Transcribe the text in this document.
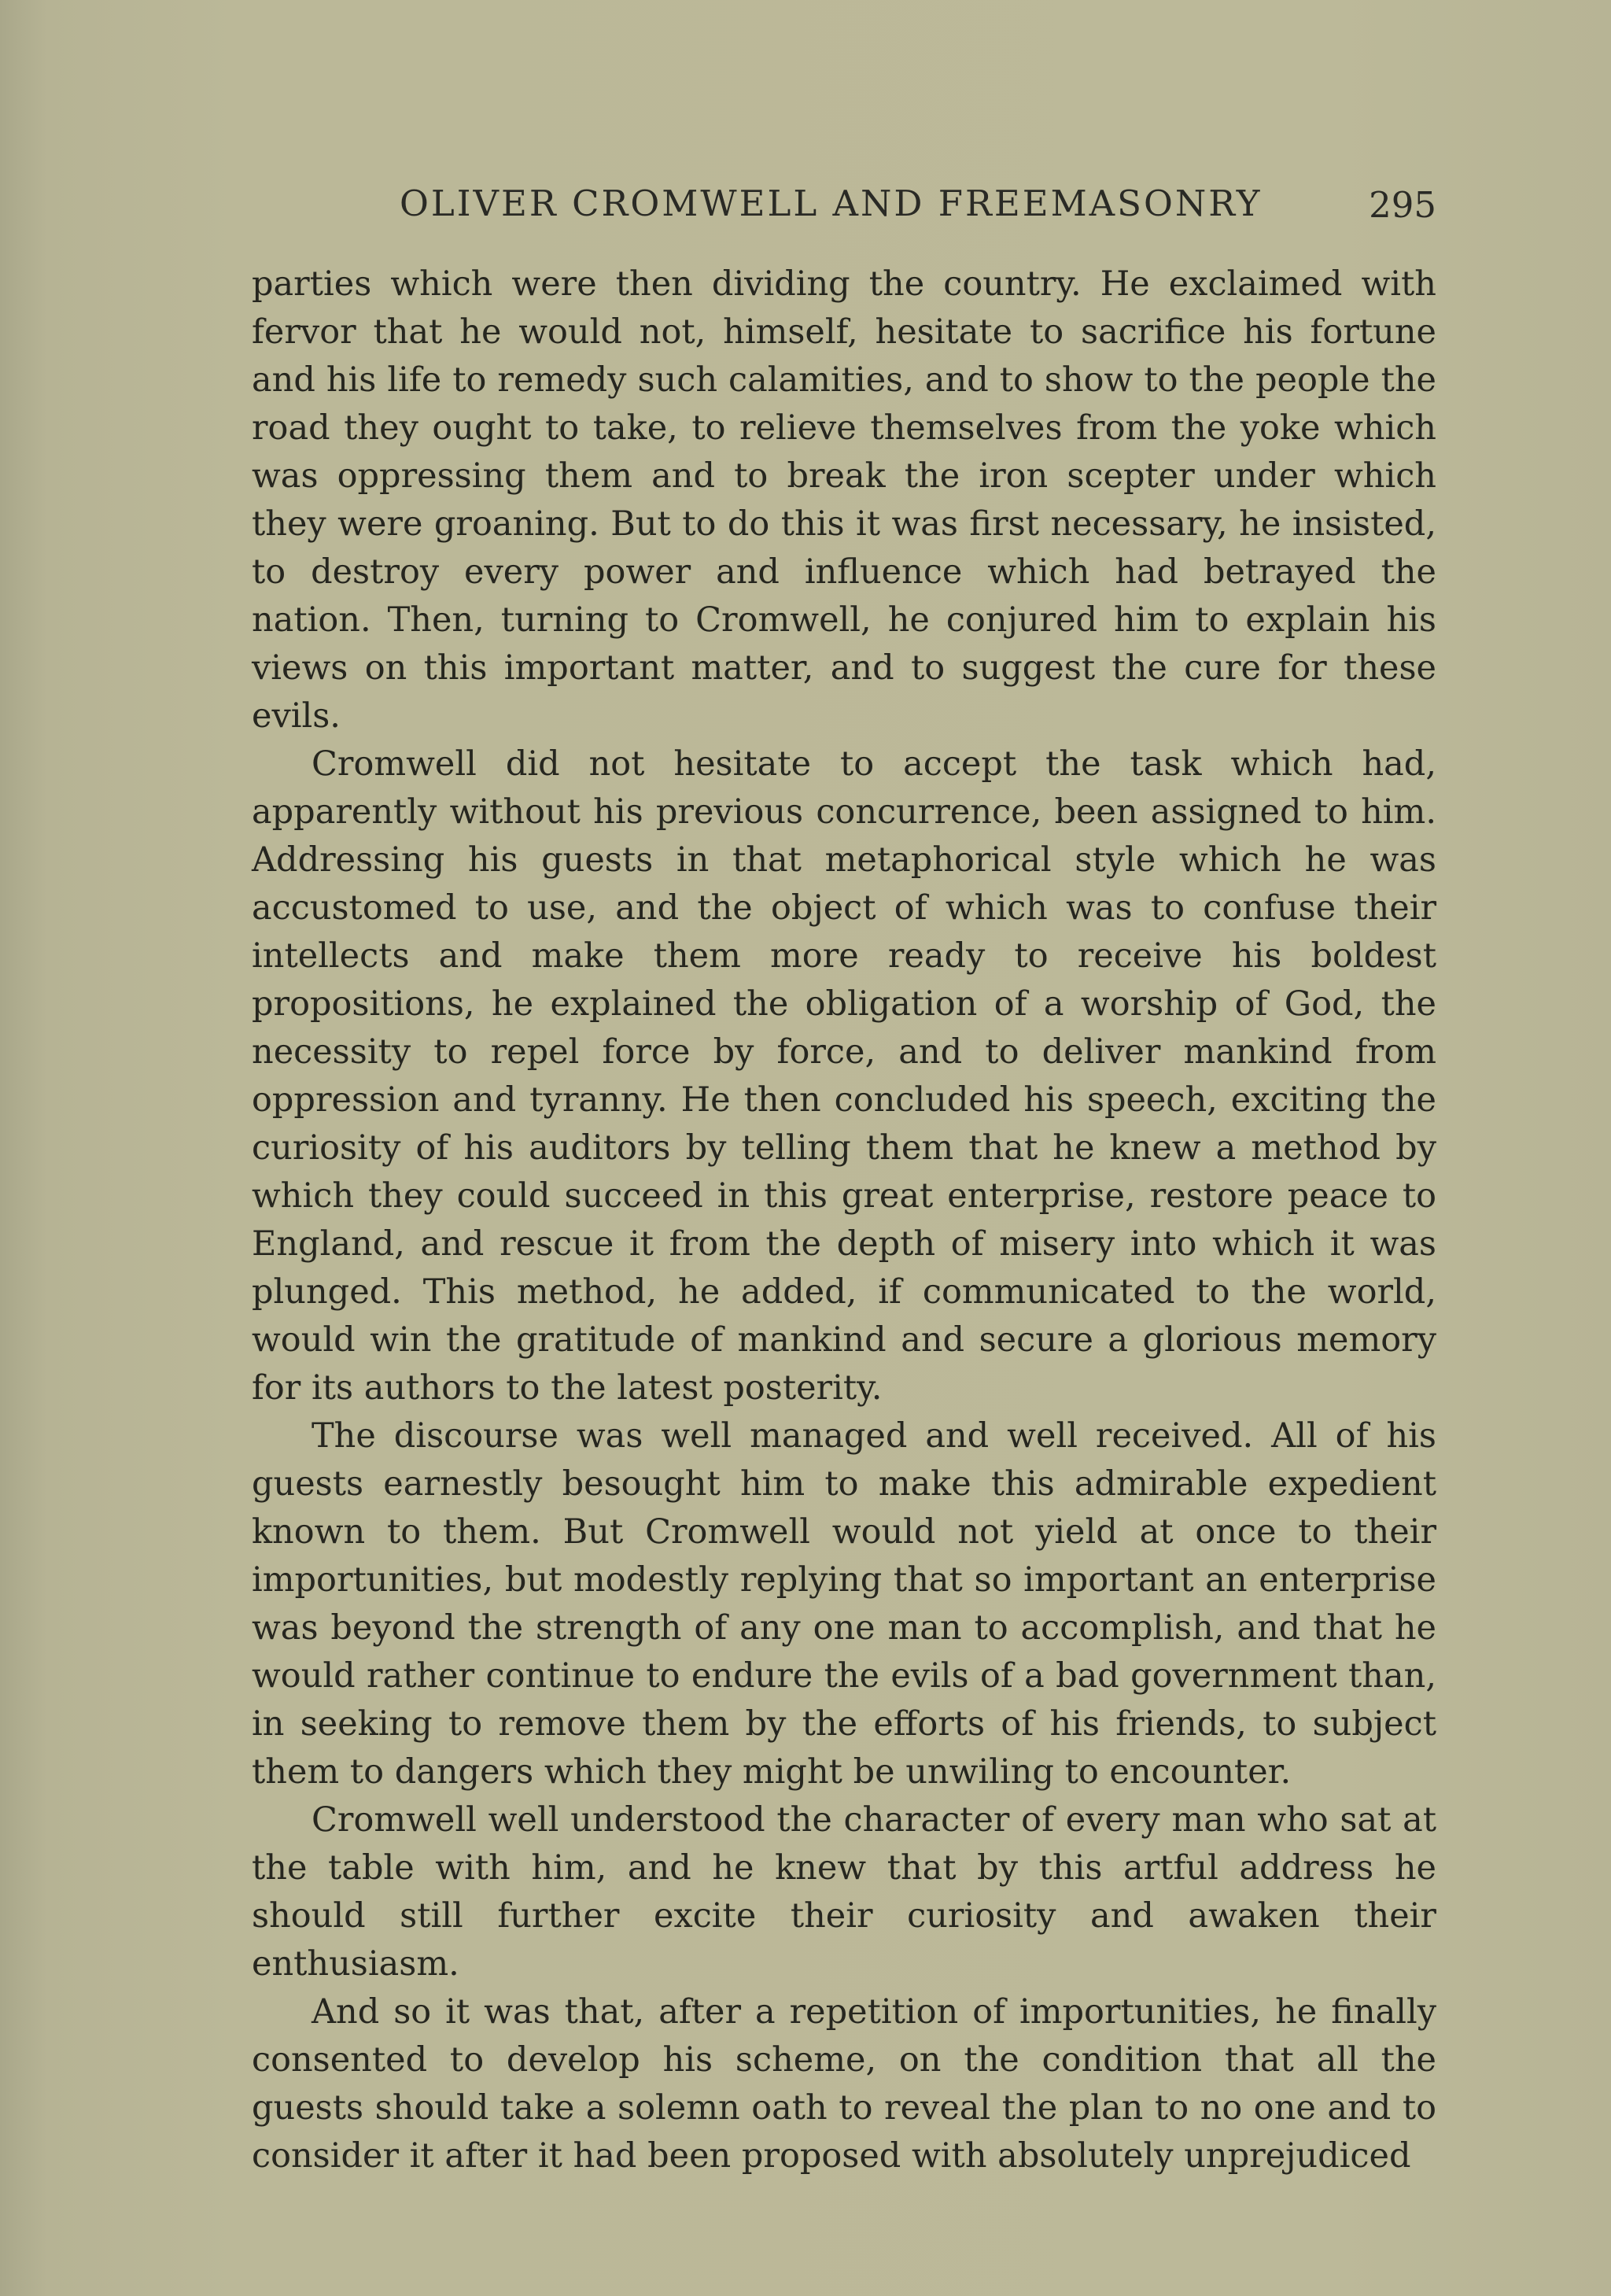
OLIVER CROMWELL AND FREEMASONRY	295

parties which were then dividing the country. He exclaimed with fervor that he would not, himself, hesitate to sacrifice his fortune and his life to remedy such calamities, and to show to the people the road they ought to take, to relieve themselves from the yoke which was oppressing them and to break the iron scepter under which they were groaning. But to do this it was first necessary, he insisted, to destroy every power and influence which had betrayed the nation. Then, turning to Cromwell, he conjured him to explain his views on this important matter, and to suggest the cure for these evils.

Cromwell did not hesitate to accept the task which had, apparently without his previous concurrence, been assigned to him. Addressing his guests in that metaphorical style which he was accustomed to use, and the object of which was to confuse their intellects and make them more ready to receive his boldest propositions, he explained the obligation of a worship of God, the necessity to repel force by force, and to deliver mankind from oppression and tyranny. He then concluded his speech, exciting the curiosity of his auditors by telling them that he knew a method by which they could succeed in this great enterprise, restore peace to England, and rescue it from the depth of misery into which it was plunged. This method, he added, if communicated to the world, would win the gratitude of mankind and secure a glorious memory for its authors to the latest posterity.

The discourse was well managed and well received. All of his guests earnestly besought him to make this admirable expedient known to them. But Cromwell would not yield at once to their importunities, but modestly replying that so important an enterprise was beyond the strength of any one man to accomplish, and that he would rather continue to endure the evils of a bad government than, in seeking to remove them by the efforts of his friends, to subject them to dangers which they might be unwiling to encounter.

Cromwell well understood the character of every man who sat at the table with him, and he knew that by this artful address he should still further excite their curiosity and awaken their enthusiasm.

And so it was that, after a repetition of importunities, he finally consented to develop his scheme, on the condition that all the guests should take a solemn oath to reveal the plan to no one and to consider it after it had been proposed with absolutely unprejudiced
